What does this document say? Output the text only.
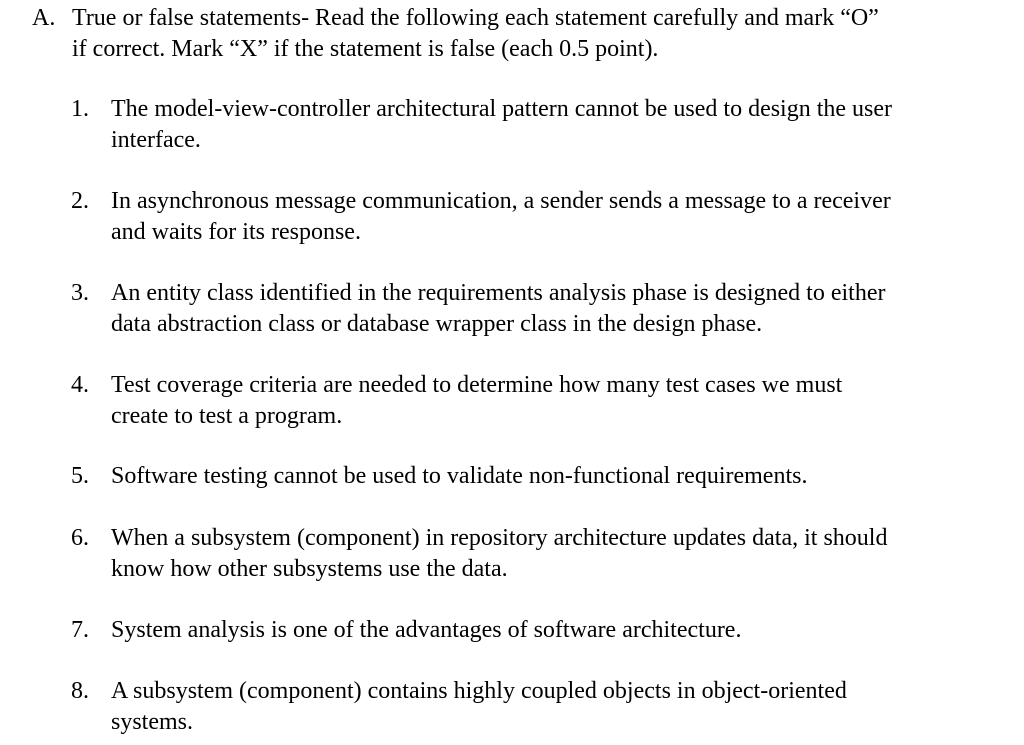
A. True or false statements- Read the following each statement carefully and mark “O”
if correct. Mark “X” if the statement is false (each 0.5 point).
1. The model-view-controller architectural pattern cannot be used to design the user
interface.
2. In asynchronous message communication, a sender sends a message to a receiver
and waits for its response.
3. An entity class identified in the requirements analysis phase is designed to either
data abstraction class or database wrapper class in the design phase.
4. Test coverage criteria are needed to determine how many test cases we must
create to test a program.
5. Software testing cannot be used to validate non-functional requirements.
6. When a subsystem (component) in repository architecture updates data, it should
know how other subsystems use the data.
7. System analysis is one of the advantages of software architecture.
8. A subsystem (component) contains highly coupled objects in object-oriented
systems.
